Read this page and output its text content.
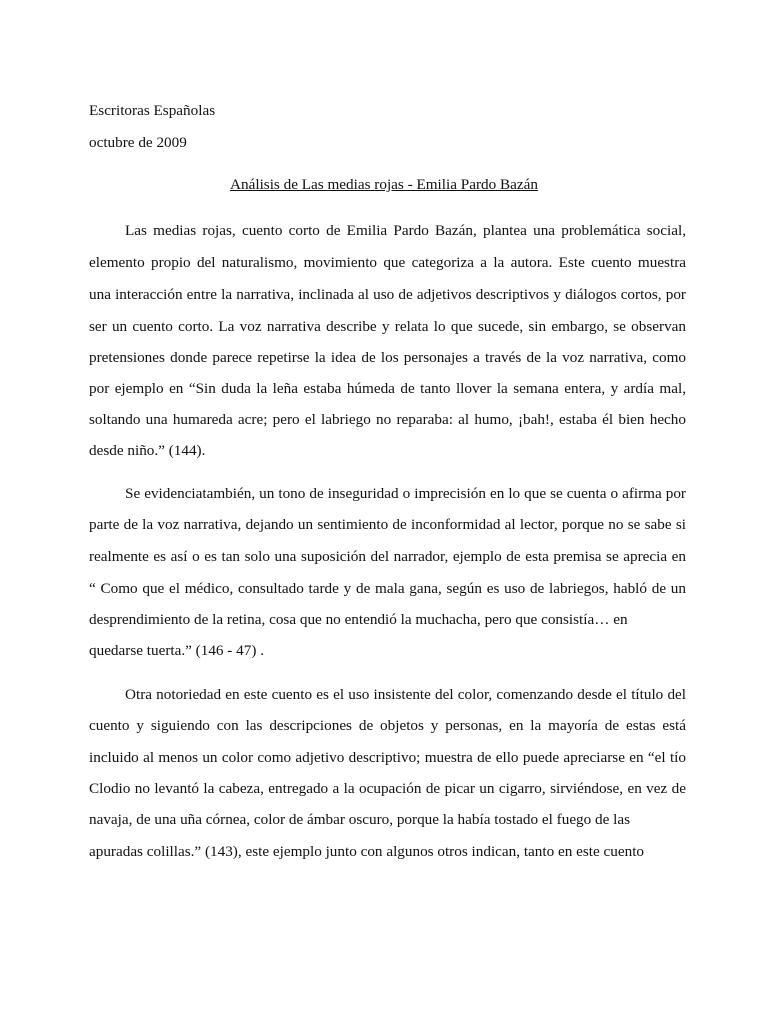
Escritoras Españolas
octubre de 2009
Análisis de Las medias rojas - Emilia Pardo Bazán
Las medias rojas, cuento corto de Emilia Pardo Bazán, plantea una problemática social,
elemento propio del naturalismo, movimiento que categoriza a la autora. Este cuento muestra
una interacción entre la narrativa, inclinada al uso de adjetivos descriptivos y diálogos cortos, por
ser un cuento corto. La voz narrativa describe y relata lo que sucede, sin embargo, se observan
pretensiones donde parece repetirse la idea de los personajes a través de la voz narrativa, como
por ejemplo en “Sin duda la leña estaba húmeda de tanto llover la semana entera, y ardía mal,
soltando una humareda acre; pero el labriego no reparaba: al humo, ¡bah!, estaba él bien hecho
desde niño.” (144).
Se evidenciatambién, un tono de inseguridad o imprecisión en lo que se cuenta o afirma por
parte de la voz narrativa, dejando un sentimiento de inconformidad al lector, porque no se sabe si
realmente es así o es tan solo una suposición del narrador, ejemplo de esta premisa se aprecia en
“ Como que el médico, consultado tarde y de mala gana, según es uso de labriegos, habló de un
desprendimiento de la retina, cosa que no entendió la muchacha, pero que consistía… en
quedarse tuerta.” (146 - 47) .
Otra notoriedad en este cuento es el uso insistente del color, comenzando desde el título del
cuento y siguiendo con las descripciones de objetos y personas, en la mayoría de estas está
incluido al menos un color como adjetivo descriptivo; muestra de ello puede apreciarse en “el tío
Clodio no levantó la cabeza, entregado a la ocupación de picar un cigarro, sirviéndose, en vez de
navaja, de una uña córnea, color de ámbar oscuro, porque la había tostado el fuego de las
apuradas colillas.” (143), este ejemplo junto con algunos otros indican, tanto en este cuento
